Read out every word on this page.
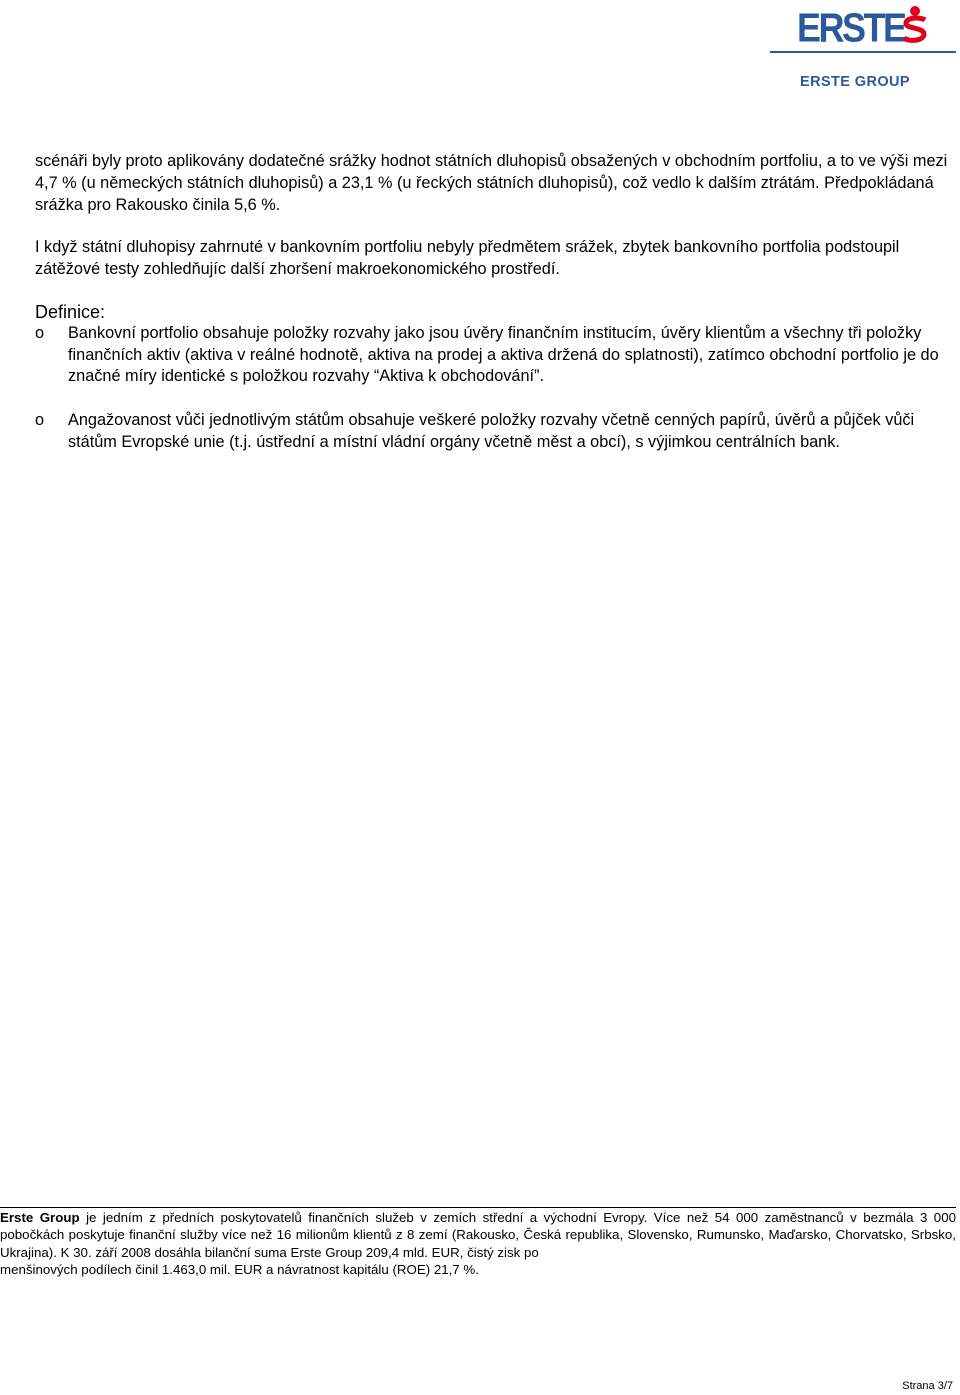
ERSTE
ERSTE GROUP

scénáři byly proto aplikovány dodatečné srážky hodnot státních dluhopisů obsažených v obchodním portfoliu, a to ve výši mezi 4,7 % (u německých státních dluhopisů) a 23,1 % (u řeckých státních dluhopisů), což vedlo k dalším ztrátám. Předpokládaná srážka pro Rakousko činila 5,6 %.

I když státní dluhopisy zahrnuté v bankovním portfoliu nebyly předmětem srážek, zbytek bankovního portfolia podstoupil zátěžové testy zohledňujíc další zhoršení makroekonomického prostředí.

Definice:
o Bankovní portfolio obsahuje položky rozvahy jako jsou úvěry finančním institucím, úvěry klientům a všechny tři položky finančních aktiv (aktiva v reálné hodnotě, aktiva na prodej a aktiva držená do splatnosti), zatímco obchodní portfolio je do značné míry identické s položkou rozvahy “Aktiva k obchodování”.
o Angažovanost vůči jednotlivým státům obsahuje veškeré položky rozvahy včetně cenných papírů, úvěrů a půjček vůči státům Evropské unie (t.j. ústřední a místní vládní orgány včetně měst a obcí), s výjimkou centrálních bank.

Erste Group je jedním z předních poskytovatelů finančních služeb v zemích střední a východní Evropy. Více než 54 000 zaměstnanců v bezmála 3 000 pobočkách poskytuje finanční služby více než 16 milionům klientů z 8 zemí (Rakousko, Česká republika, Slovensko, Rumunsko, Maďarsko, Chorvatsko, Srbsko, Ukrajina). K 30. září 2008 dosáhla bilanční suma Erste Group 209,4 mld. EUR, čistý zisk po

menšinových podílech činil 1.463,0 mil. EUR a návratnost kapitálu (ROE) 21,7 %.
Strana 3/7
